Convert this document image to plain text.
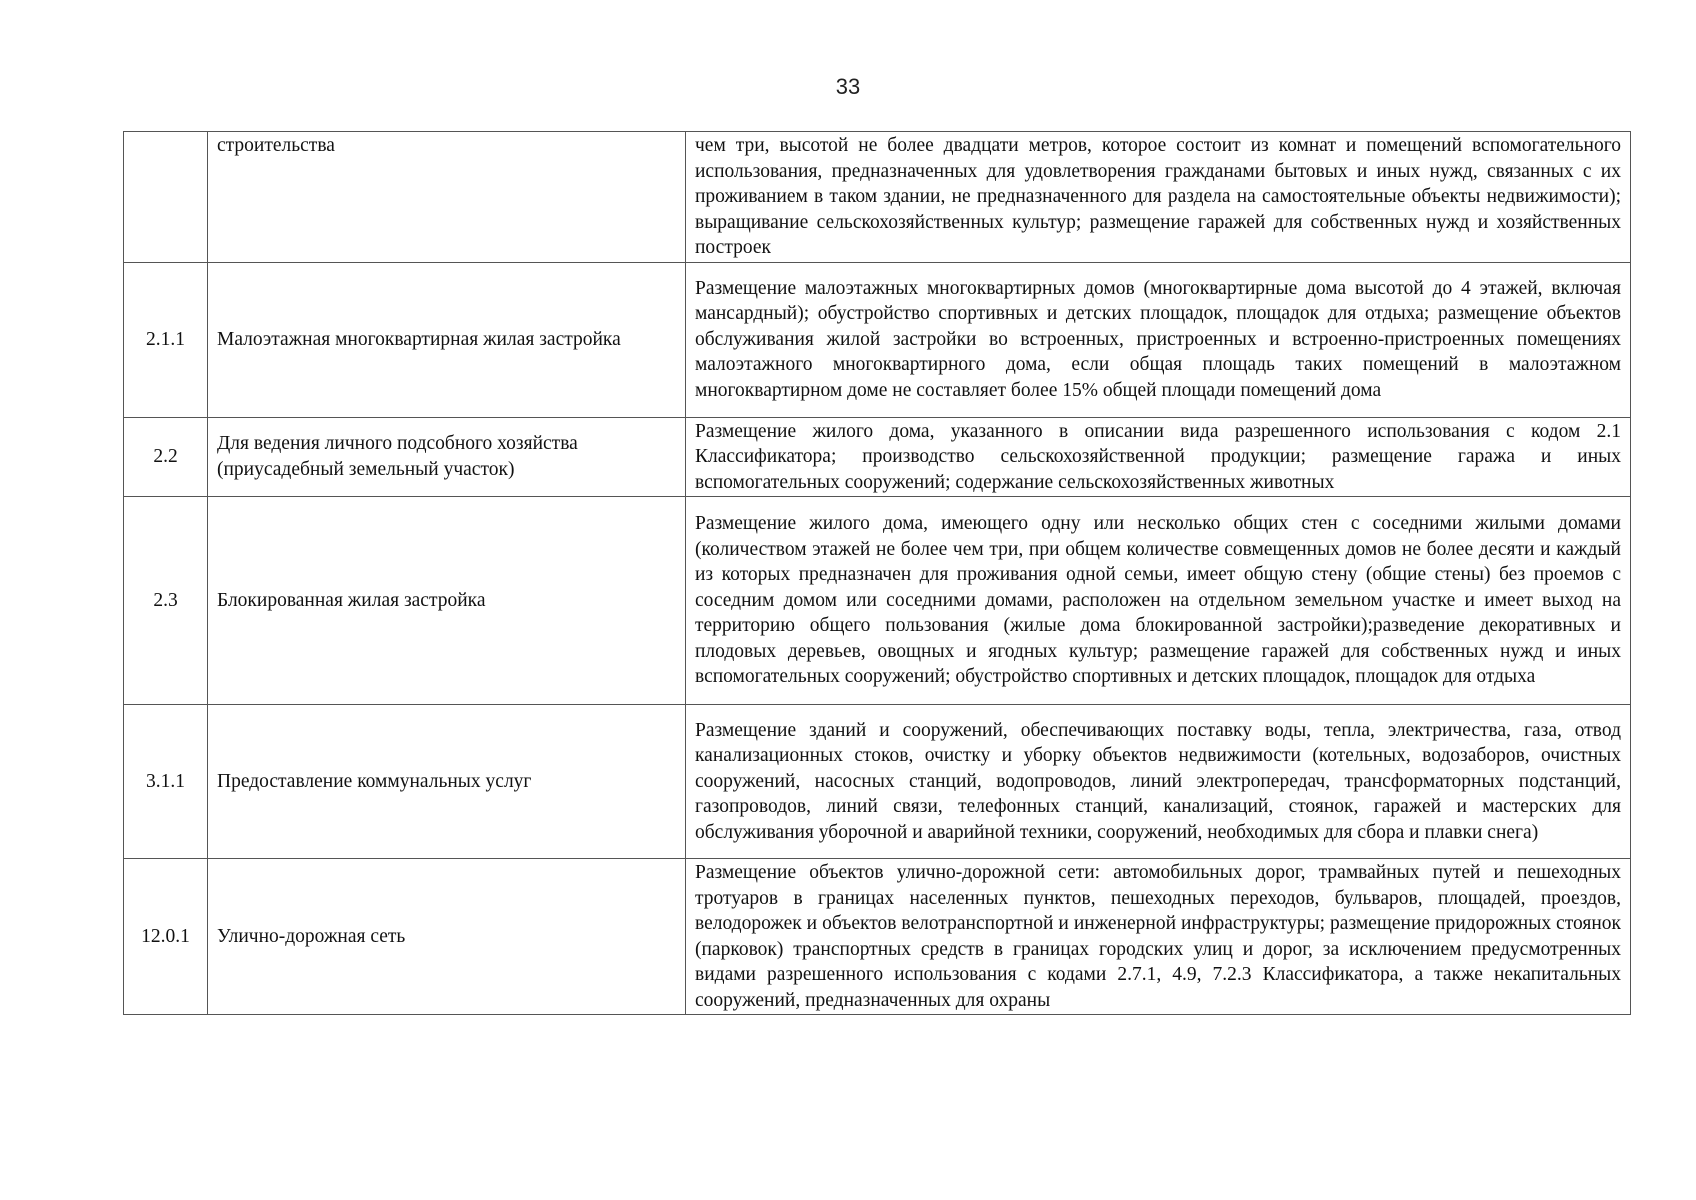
33
	строительства	чем три, высотой не более двадцати метров, которое состоит из комнат и помещений вспомогательного использования, предназначенных для удовлетворения гражданами бытовых и иных нужд, связанных с их проживанием в таком здании, не предназначенного для раздела на самостоятельные объекты недвижимости); выращивание сельскохозяйственных культур; размещение гаражей для собственных нужд и хозяйственных построек
2.1.1	Малоэтажная многоквартирная жилая застройка	Размещение малоэтажных многоквартирных домов (многоквартирные дома высотой до 4 этажей, включая мансардный); обустройство спортивных и детских площадок, площадок для отдыха; размещение объектов обслуживания жилой застройки во встроенных, пристроенных и встроенно-пристроенных помещениях малоэтажного многоквартирного дома, если общая площадь таких помещений в малоэтажном многоквартирном доме не составляет более 15% общей площади помещений дома
2.2	Для ведения личного подсобного хозяйства (приусадебный земельный участок)	Размещение жилого дома, указанного в описании вида разрешенного использования с кодом 2.1 Классификатора; производство сельскохозяйственной продукции; размещение гаража и иных вспомогательных сооружений; содержание сельскохозяйственных животных
2.3	Блокированная жилая застройка	Размещение жилого дома, имеющего одну или несколько общих стен с соседними жилыми домами (количеством этажей не более чем три, при общем количестве совмещенных домов не более десяти и каждый из которых предназначен для проживания одной семьи, имеет общую стену (общие стены) без проемов с соседним домом или соседними домами, расположен на отдельном земельном участке и имеет выход на территорию общего пользования (жилые дома блокированной застройки);разведение декоративных и плодовых деревьев, овощных и ягодных культур; размещение гаражей для собственных нужд и иных вспомогательных сооружений; обустройство спортивных и детских площадок, площадок для отдыха
3.1.1	Предоставление коммунальных услуг	Размещение зданий и сооружений, обеспечивающих поставку воды, тепла, электричества, газа, отвод канализационных стоков, очистку и уборку объектов недвижимости (котельных, водозаборов, очистных сооружений, насосных станций, водопроводов, линий электропередач, трансформаторных подстанций, газопроводов, линий связи, телефонных станций, канализаций, стоянок, гаражей и мастерских для обслуживания уборочной и аварийной техники, сооружений, необходимых для сбора и плавки снега)
12.0.1	Улично-дорожная сеть	Размещение объектов улично-дорожной сети: автомобильных дорог, трамвайных путей и пешеходных тротуаров в границах населенных пунктов, пешеходных переходов, бульваров, площадей, проездов, велодорожек и объектов велотранспортной и инженерной инфраструктуры; размещение придорожных стоянок (парковок) транспортных средств в границах городских улиц и дорог, за исключением предусмотренных видами разрешенного использования с кодами 2.7.1, 4.9, 7.2.3 Классификатора, а также некапитальных сооружений, предназначенных для охраны
